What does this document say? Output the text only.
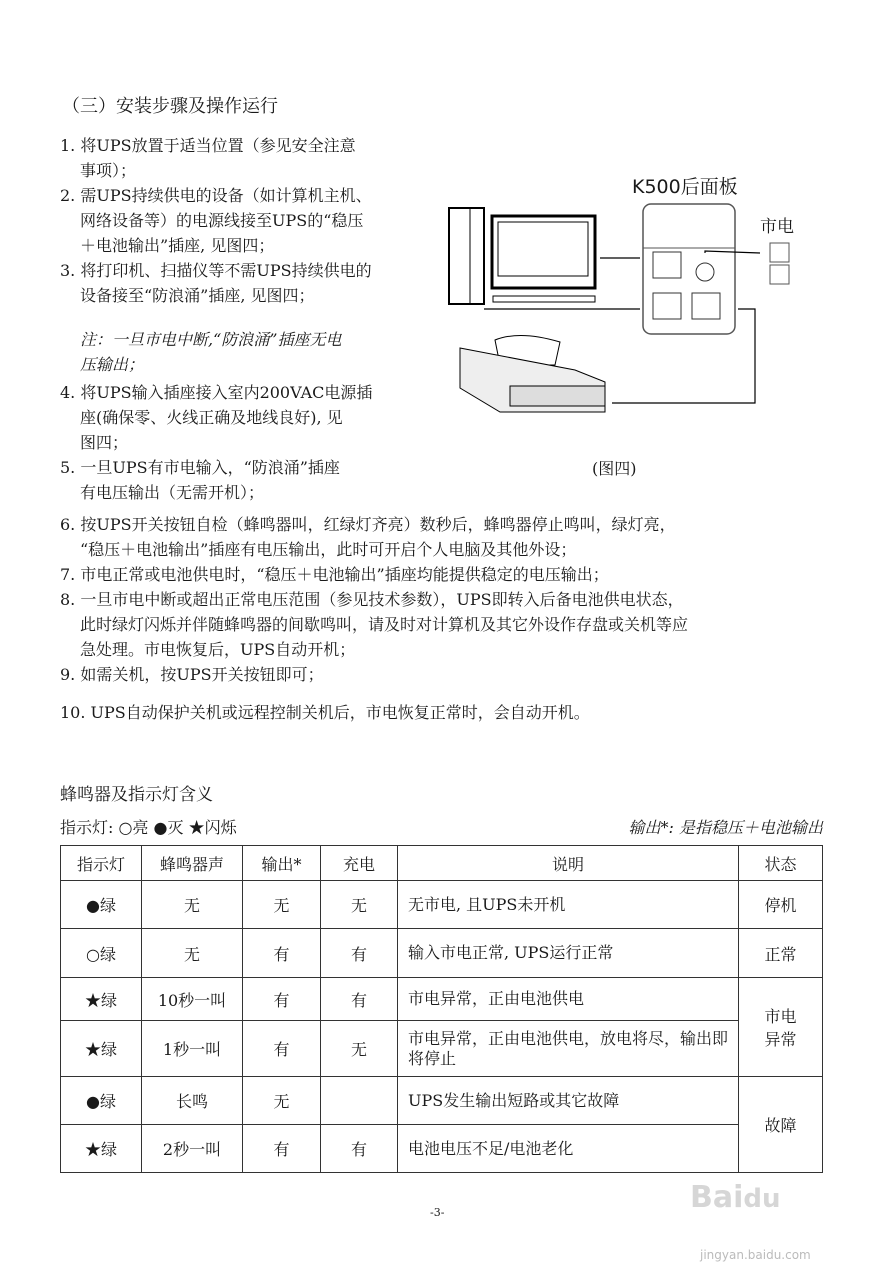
（三）安装步骤及操作运行
1. 将UPS放置于适当位置（参见安全注意
事项）；
2. 需UPS持续供电的设备（如计算机主机、
网络设备等）的电源线接至UPS的“稳压
＋电池输出”插座, 见图四；
3. 将打印机、扫描仪等不需UPS持续供电的
设备接至“防浪涌”插座, 见图四；
注：一旦市电中断,“防浪涌”插座无电
压输出；
4. 将UPS输入插座接入室内200VAC电源插
座(确保零、火线正确及地线良好), 见
图四；
5. 一旦UPS有市电输入，“防浪涌”插座
有电压输出（无需开机）；
6. 按UPS开关按钮自检（蜂鸣器叫，红绿灯齐亮）数秒后，蜂鸣器停止鸣叫，绿灯亮，
“稳压＋电池输出”插座有电压输出，此时可开启个人电脑及其他外设；
7. 市电正常或电池供电时，“稳压＋电池输出”插座均能提供稳定的电压输出；
8. 一旦市电中断或超出正常电压范围（参见技术参数），UPS即转入后备电池供电状态，
此时绿灯闪烁并伴随蜂鸣器的间歇鸣叫，请及时对计算机及其它外设作存盘或关机等应
急处理。市电恢复后，UPS自动开机；
9. 如需关机，按UPS开关按钮即可；
10. UPS自动保护关机或远程控制关机后，市电恢复正常时，会自动开机。
K500后面板
市电
(图四)
蜂鸣器及指示灯含义
指示灯: ○亮 ●灭 ★闪烁	输出*: 是指稳压＋电池输出
指示灯	蜂鸣器声	输出*	充电	说明	状态
●绿	无	无	无	无市电, 且UPS未开机	停机
○绿	无	有	有	输入市电正常, UPS运行正常	正常
★绿	10秒一叫	有	有	市电异常，正由电池供电	市电异常
★绿	1秒一叫	有	无	市电异常，正由电池供电，放电将尽，输出即将停止	
●绿	长鸣	无		UPS发生输出短路或其它故障	故障
★绿	2秒一叫	有	有	电池电压不足/电池老化	
-3-	Baidu
jingyan.baidu.com
